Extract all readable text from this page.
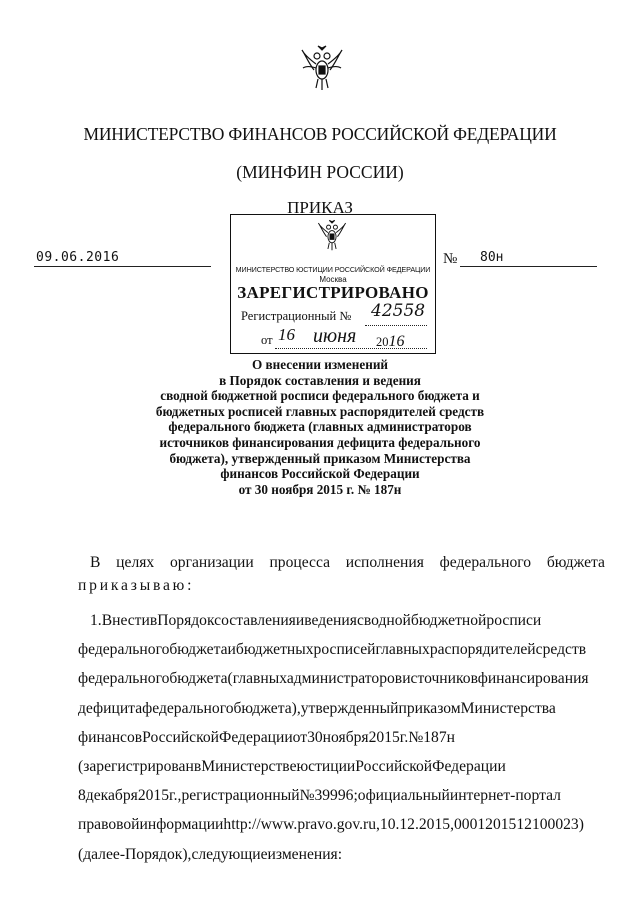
МИНИСТЕРСТВО ФИНАНСОВ РОССИЙСКОЙ ФЕДЕРАЦИИ
(МИНФИН РОССИИ)
ПРИКАЗ
09.06.2016	№ 80н
МИНИСТЕРСТВО ЮСТИЦИИ РОССИЙСКОЙ ФЕДЕРАЦИИ
Москва
ЗАРЕГИСТРИРОВАНО
Регистрационный № 42558
от 16 июня 2016
О внесении изменений
в Порядок составления и ведения
сводной бюджетной росписи федерального бюджета и
бюджетных росписей главных распорядителей средств
федерального бюджета (главных администраторов
источников финансирования дефицита федерального
бюджета), утвержденный приказом Министерства
финансов Российской Федерации
от 30 ноября 2015 г. № 187н
В целях организации процесса исполнения федерального бюджета
приказываю:
1.ВнестивПорядоксоставленияиведениясводнойбюджетнойросписи
федеральногобюджетаибюджетныхросписейглавныхраспорядителейсредств
федеральногобюджета(главныхадминистраторовисточниковфинансирования
дефицитафедеральногобюджета),утвержденныйприказомМинистерства
финансовРоссийскойФедерацииот30ноября2015г.№187н
(зарегистрированвМинистерствеюстицииРоссийскойФедерации
8декабря2015г.,регистрационный№39996;официальныйинтернет-портал
правовойинформацииhttp://www.pravo.gov.ru,10.12.2015,0001201512100023)
(далее-Порядок),следующиеизменения:
